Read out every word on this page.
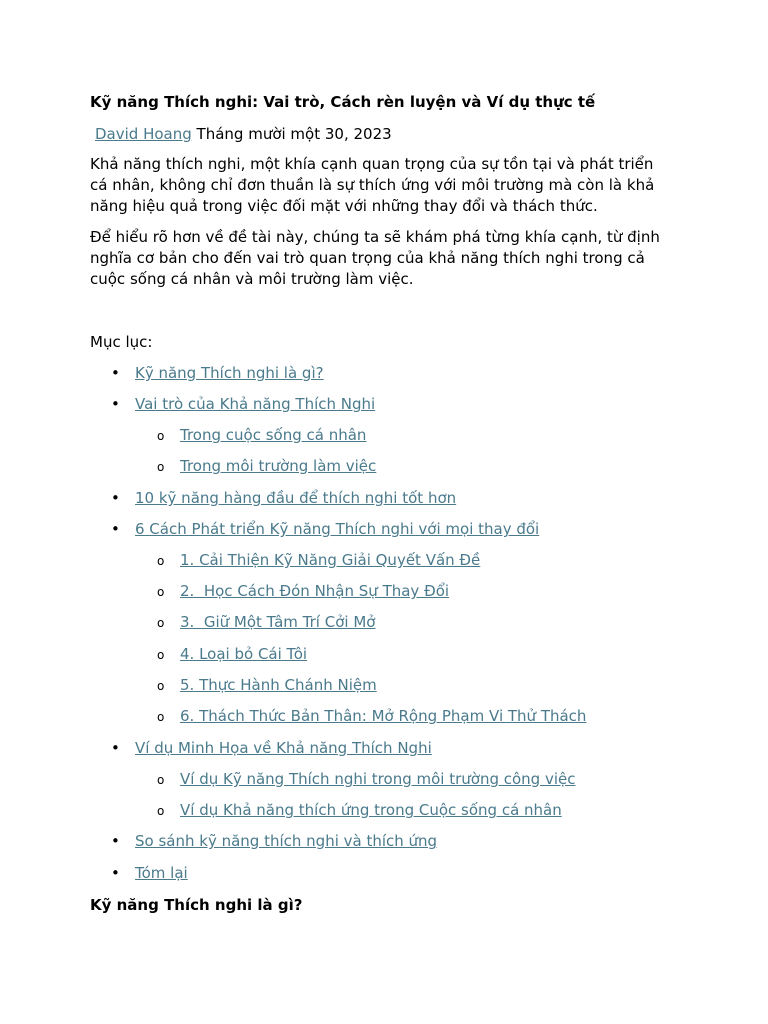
Kỹ năng Thích nghi: Vai trò, Cách rèn luyện và Ví dụ thực tế
David Hoang Tháng mười một 30, 2023

Khả năng thích nghi, một khía cạnh quan trọng của sự tồn tại và phát triển cá nhân, không chỉ đơn thuần là sự thích ứng với môi trường mà còn là khả năng hiệu quả trong việc đối mặt với những thay đổi và thách thức.

Để hiểu rõ hơn về đề tài này, chúng ta sẽ khám phá từng khía cạnh, từ định nghĩa cơ bản cho đến vai trò quan trọng của khả năng thích nghi trong cả cuộc sống cá nhân và môi trường làm việc.

Mục lục:
• Kỹ năng Thích nghi là gì?
• Vai trò của Khả năng Thích Nghi
o	Trong cuộc sống cá nhân
o	Trong môi trường làm việc
• 10 kỹ năng hàng đầu để thích nghi tốt hơn
• 6 Cách Phát triển Kỹ năng Thích nghi với mọi thay đổi
o	1. Cải Thiện Kỹ Năng Giải Quyết Vấn Đề
o	2.  Học Cách Đón Nhận Sự Thay Đổi
o	3.  Giữ Một Tâm Trí Cởi Mở
o	4. Loại bỏ Cái Tôi
o	5. Thực Hành Chánh Niệm
o	6. Thách Thức Bản Thân: Mở Rộng Phạm Vi Thử Thách
• Ví dụ Minh Họa về Khả năng Thích Nghi
o	Ví dụ Kỹ năng Thích nghi trong môi trường công việc
o	Ví dụ Khả năng thích ứng trong Cuộc sống cá nhân
• So sánh kỹ năng thích nghi và thích ứng
• Tóm lại
Kỹ năng Thích nghi là gì?
